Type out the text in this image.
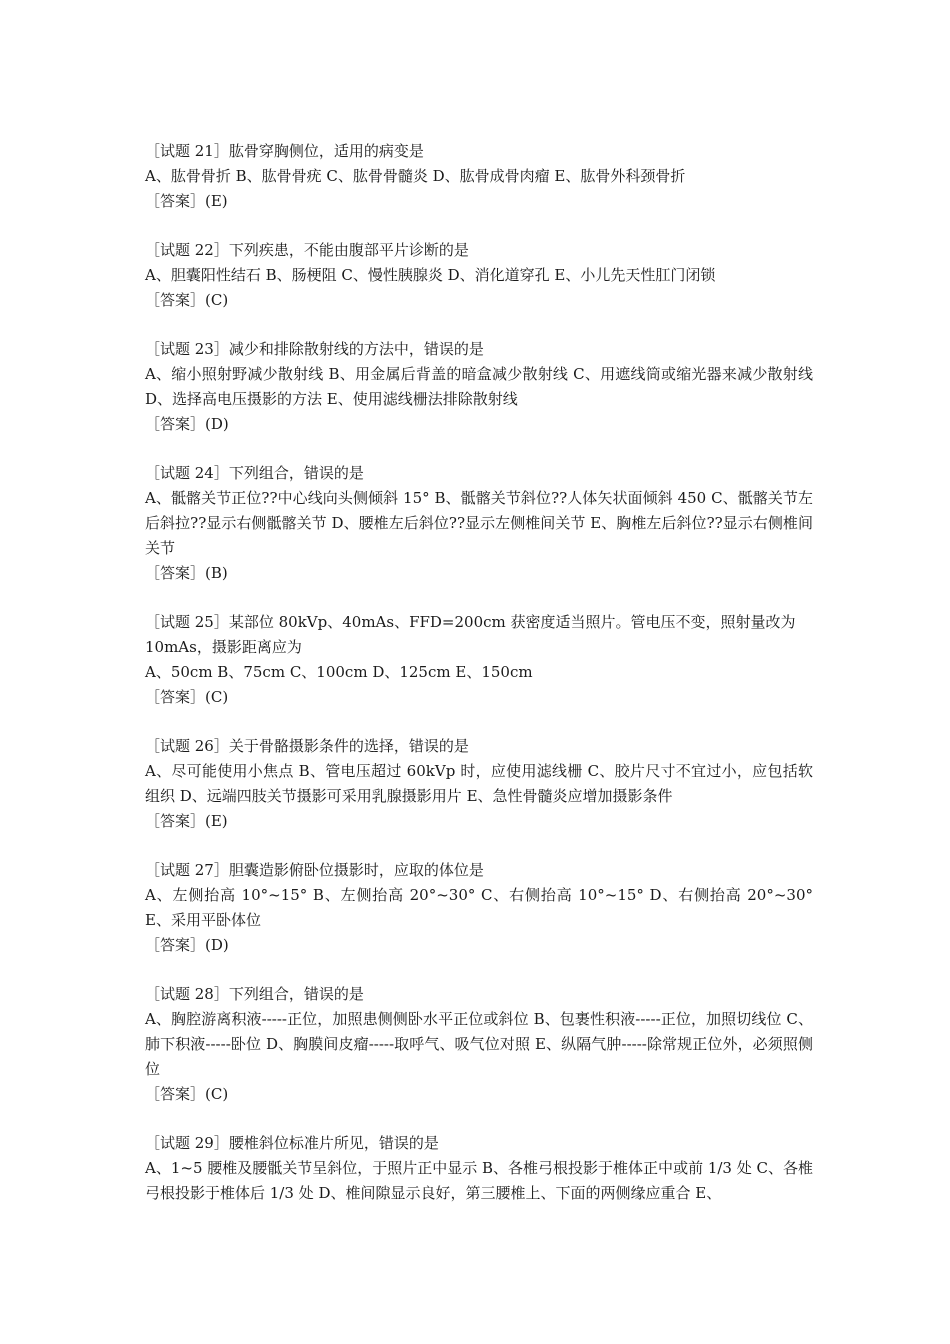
［试题 21］肱骨穿胸侧位，适用的病变是

A、肱骨骨折 B、肱骨骨疣 C、肱骨骨髓炎 D、肱骨成骨肉瘤 E、肱骨外科颈骨折

［答案］(E)

［试题 22］下列疾患，不能由腹部平片诊断的是

A、胆囊阳性结石 B、肠梗阻 C、慢性胰腺炎 D、消化道穿孔 E、小儿先天性肛门闭锁

［答案］(C)

［试题 23］减少和排除散射线的方法中，错误的是

A、缩小照射野减少散射线 B、用金属后背盖的暗盒减少散射线 C、用遮线筒或缩光器来减少散射线 D、选择高电压摄影的方法 E、使用滤线栅法排除散射线

［答案］(D)

［试题 24］下列组合，错误的是

A、骶髂关节正位??中心线向头侧倾斜 15° B、骶髂关节斜位??人体矢状面倾斜 450 C、骶髂关节左后斜拉??显示右侧骶髂关节 D、腰椎左后斜位??显示左侧椎间关节 E、胸椎左后斜位??显示右侧椎间关节

［答案］(B)

［试题 25］某部位 80kVp、40mAs、FFD=200cm 获密度适当照片。管电压不变，照射量改为 10mAs，摄影距离应为

A、50cm B、75cm C、100cm D、125cm E、150cm

［答案］(C)

［试题 26］关于骨骼摄影条件的选择，错误的是

A、尽可能使用小焦点 B、管电压超过 60kVp 时，应使用滤线栅 C、胶片尺寸不宜过小，应包括软组织 D、远端四肢关节摄影可采用乳腺摄影用片 E、急性骨髓炎应增加摄影条件

［答案］(E)

［试题 27］胆囊造影俯卧位摄影时，应取的体位是

A、左侧抬高 10°~15° B、左侧抬高 20°~30° C、右侧抬高 10°~15° D、右侧抬高 20°~30° E、采用平卧体位

［答案］(D)

［试题 28］下列组合，错误的是

A、胸腔游离积液-----正位，加照患侧侧卧水平正位或斜位 B、包裹性积液-----正位，加照切线位 C、肺下积液-----卧位 D、胸膜间皮瘤-----取呼气、吸气位对照 E、纵隔气肿-----除常规正位外，必须照侧位

［答案］(C)

［试题 29］腰椎斜位标准片所见，错误的是

A、1~5 腰椎及腰骶关节呈斜位，于照片正中显示 B、各椎弓根投影于椎体正中或前 1/3 处 C、各椎弓根投影于椎体后 1/3 处 D、椎间隙显示良好，第三腰椎上、下面的两侧缘应重合 E、
